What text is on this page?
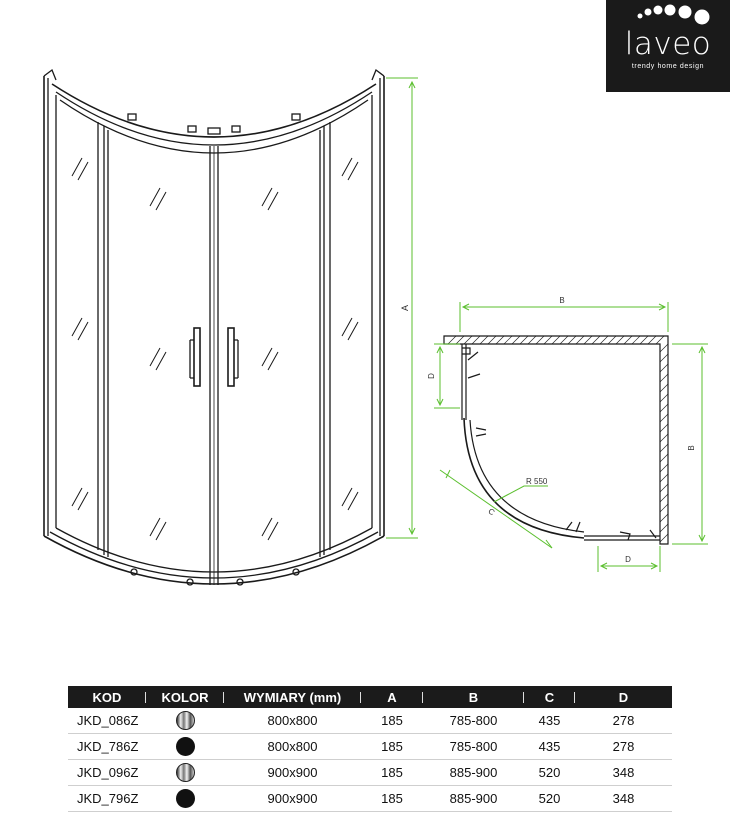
laveo
trendy home design
A
B
B
D
D
C
R 550
KOD	KOLOR	WYMIARY (mm)	A	B	C	D
JKD_086Z		800x800	185	785-800	435	278
JKD_786Z		800x800	185	785-800	435	278
JKD_096Z		900x900	185	885-900	520	348
JKD_796Z		900x900	185	885-900	520	348
